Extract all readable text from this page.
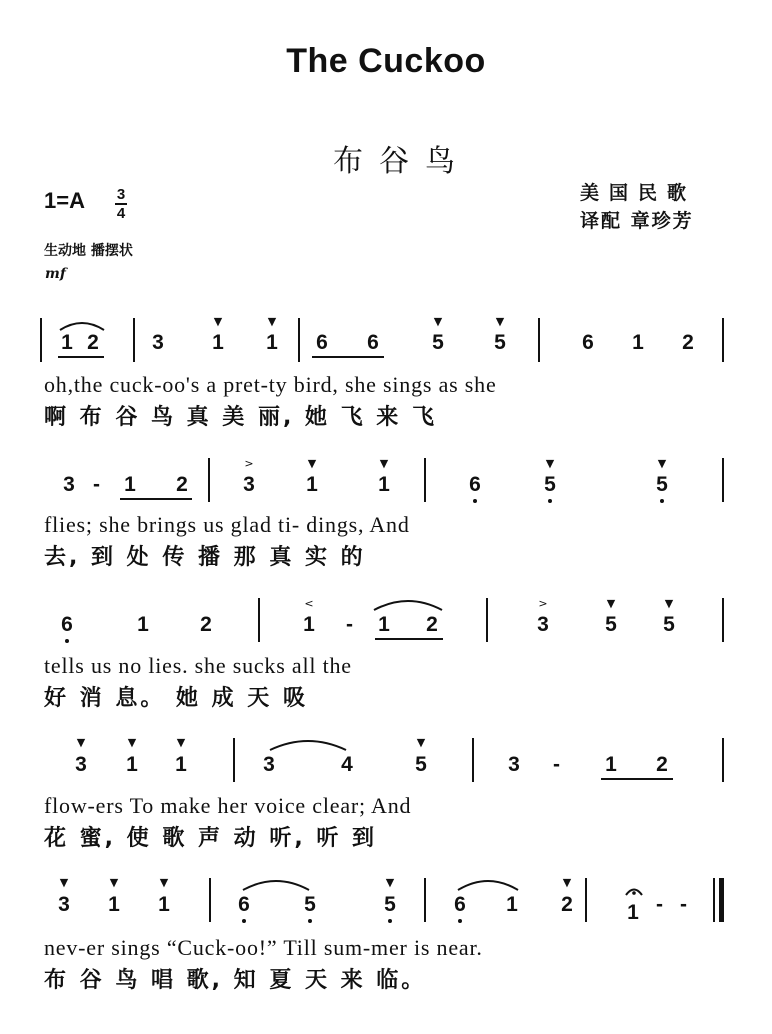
The Cuckoo
布谷鸟
美国民歌
译配 章珍芳
$1=A \frac{3}{4}$
生动地 播摆状
mf
1 2	3
▼
1
▼
1 6 6
▼
5
▼
5	6 1 2
oh,the cuck-oo's a pret-ty bird, she sings as she
啊 布 谷 鸟 真 美 丽, 她 飞 来 飞
3 - 1 2
>
3
▼
1
▼
1	6
▼
5
▼
5
flies; she brings us glad ti- dings, And
去, 到 处 传 播 那 真 实 的
6	1 2
<
1 - 1 2
>
3
▼
5
▼
5
tells us no lies. she sucks all the
好 消 息。 她 成 天 吸
▼
3
▼
1
▼
1	3	4
▼
5	3 - 1 2
flow-ers To make her voice clear; And
花 蜜, 使 歌 声 动 听, 听 到
▼
3
▼
1
▼
1	6	5
▼
5	6 1
▼
2	1 - -
nev-er sings “Cuck-oo!” Till sum-mer is near.
布 谷 鸟 唱 歌, 知 夏 天 来 临。
